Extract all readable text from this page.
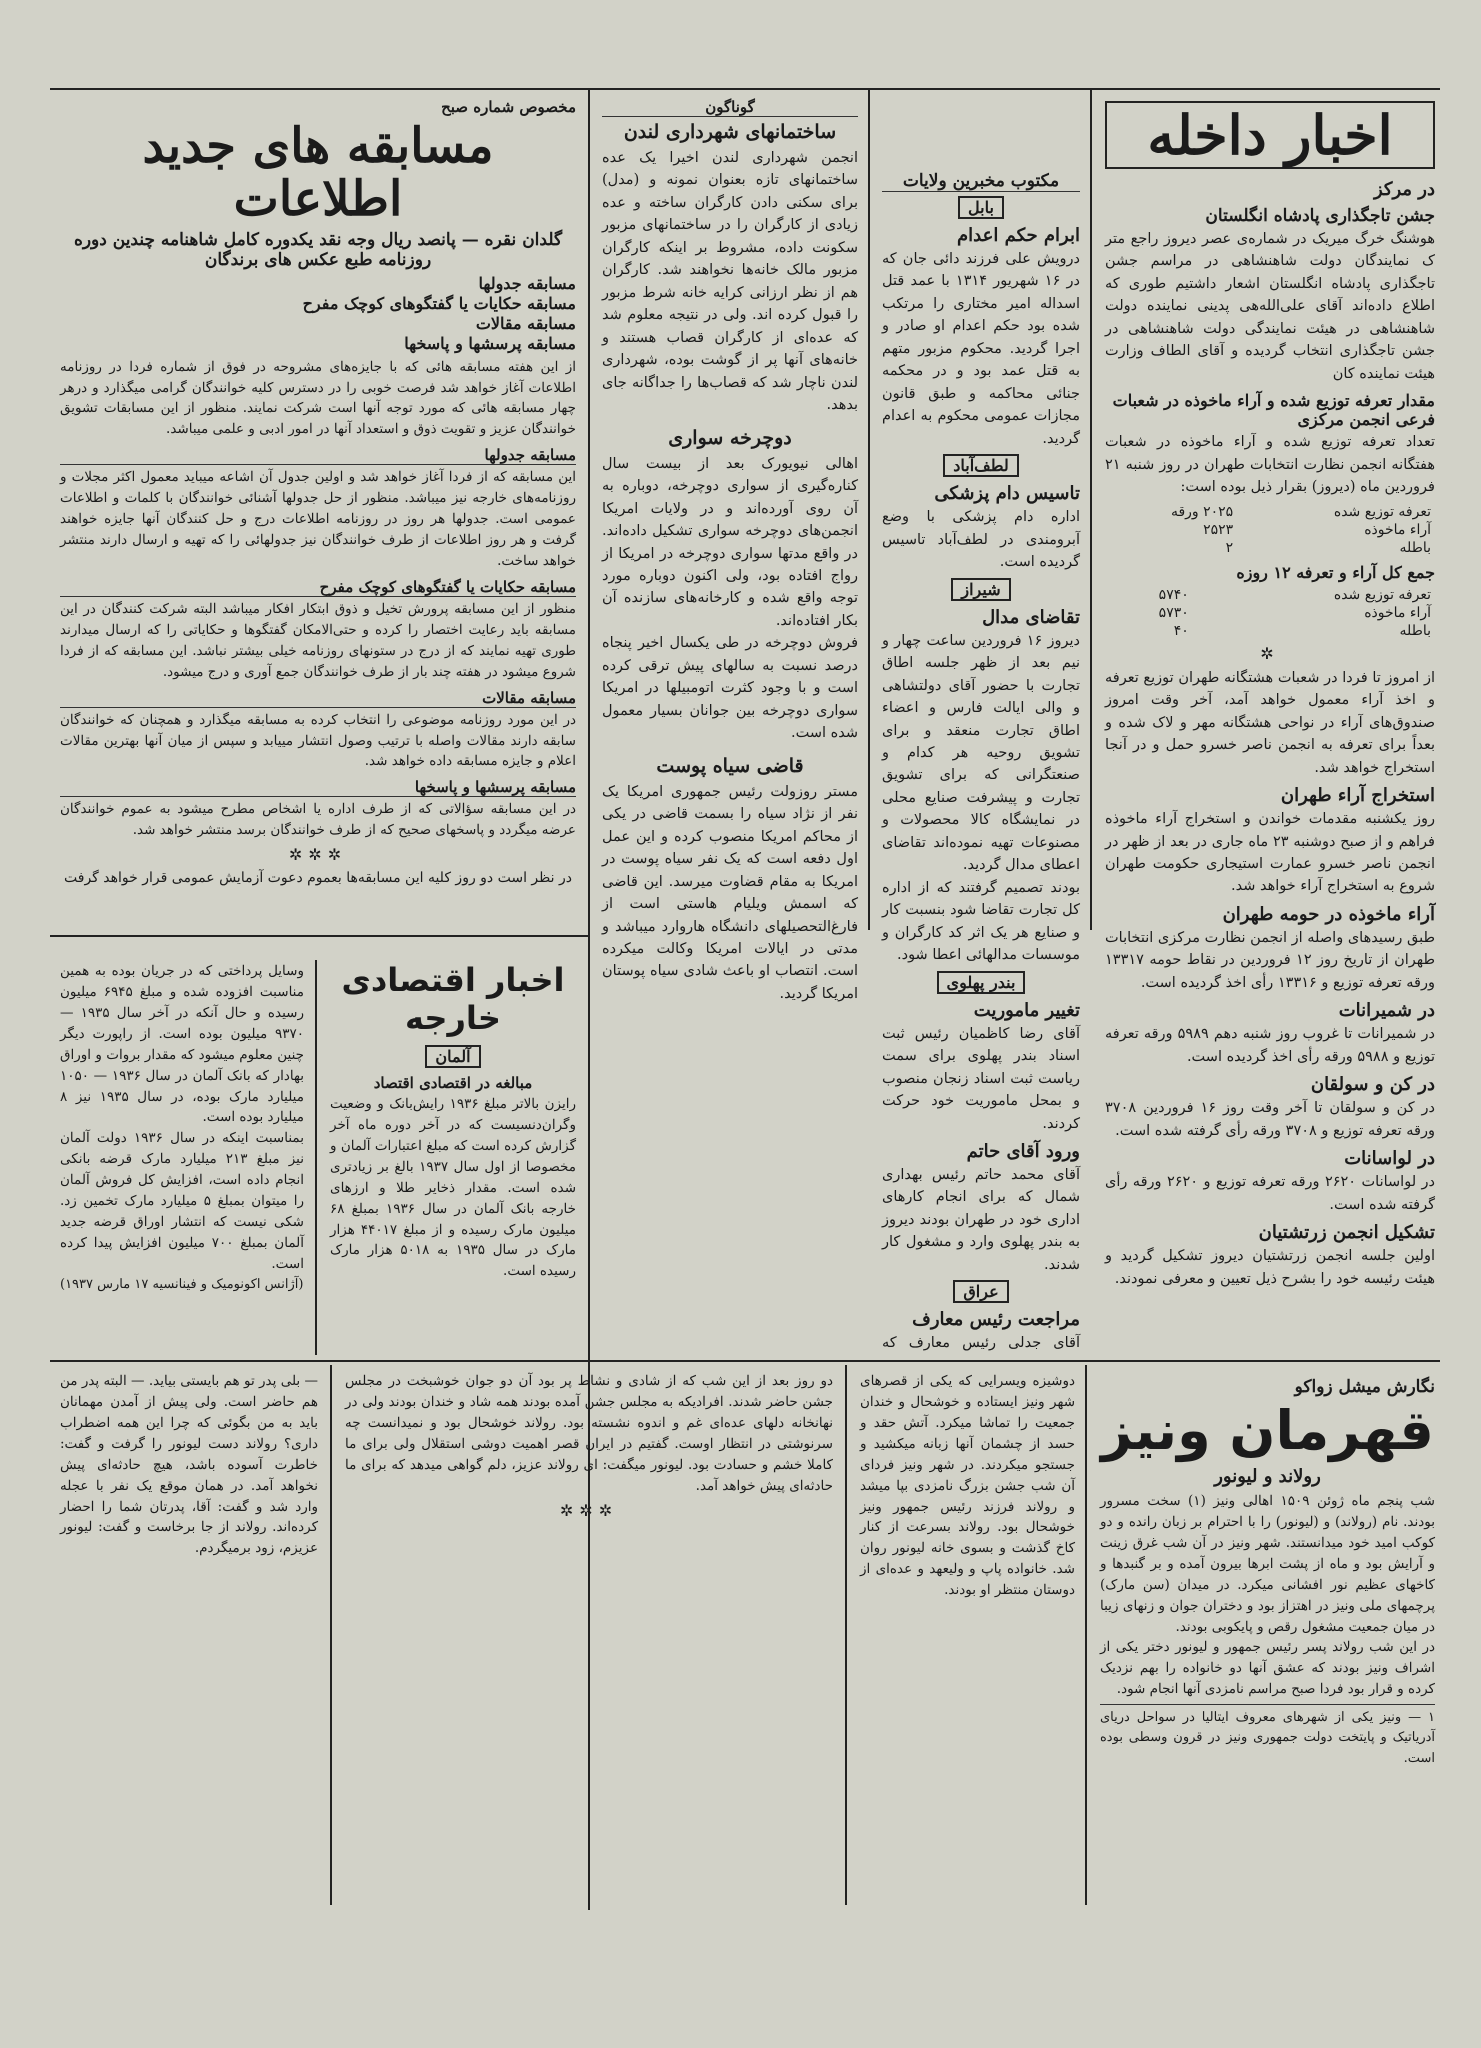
اخبار داخله
در مرکز
جشن تاجگذاری پادشاه انگلستان
هوشنگ خرگ میریک در شماره‌ی عصر دیروز راجع متر ک نمایندگان دولت شاهنشاهی در مراسم جشن تاجگذاری پادشاه انگلستان اشعار داشتیم طوری که اطلاع داده‌اند آقای علی‌الله‌هی پدینی نماینده دولت شاهنشاهی در هیئت نمایندگی دولت شاهنشاهی در جشن تاجگذاری انتخاب گردیده و آقای الطاف وزارت هیئت نماینده کان
مقدار تعرفه توزیع شده و آراء ماخوذه در شعبات فرعی انجمن مرکزی
تعداد تعرفه توزیع شده و آراء ماخوذه در شعبات هفتگانه انجمن نظارت انتخابات طهران در روز شنبه ۲۱ فروردین ماه (دیروز) بقرار ذیل بوده است:
تعرفه توزیع شده	۲۰۲۵ ورقه
آراء ماخوذه	۲۵۲۳
باطله	۲
جمع کل آراء و تعرفه ۱۲ روزه
تعرفه توزیع شده	۵۷۴۰
آراء ماخوذه	۵۷۳۰
باطله	۴۰
✲
از امروز تا فردا در شعبات هشتگانه طهران توزیع تعرفه و اخذ آراء معمول خواهد آمد، آخر وقت امروز صندوق‌های آراء در نواحی هشتگانه مهر و لاک شده و بعداً برای تعرفه به انجمن ناصر خسرو حمل و در آنجا استخراج خواهد شد.
استخراج آراء طهران
روز یکشنبه مقدمات خواندن و استخراج آراء ماخوذه فراهم و از صبح دوشنبه ۲۳ ماه جاری در بعد از ظهر در انجمن ناصر خسرو عمارت استیجاری حکومت طهران شروع به استخراج آراء خواهد شد.
آراء ماخوذه در حومه طهران
طبق رسیدهای واصله از انجمن نظارت مرکزی انتخابات طهران از تاریخ روز ۱۲ فروردین در نقاط حومه ۱۳۳۱۷ ورقه تعرفه توزیع و ۱۳۳۱۶ رأی اخذ گردیده است.
در شمیرانات
در شمیرانات تا غروب روز شنبه دهم ۵۹۸۹ ورقه تعرفه توزیع و ۵۹۸۸ ورقه رأی اخذ گردیده است.
در کن و سولقان
در کن و سولقان تا آخر وقت روز ۱۶ فروردین ۳۷۰۸ ورقه تعرفه توزیع و ۳۷۰۸ ورقه رأی گرفته شده است.
در لواسانات
در لواسانات ۲۶۲۰ ورقه تعرفه توزیع و ۲۶۲۰ ورقه رأی گرفته شده است.
تشکیل انجمن زرتشتیان
اولین جلسه انجمن زرتشتیان دیروز تشکیل گردید و هیئت رئیسه خود را بشرح ذیل تعیین و معرفی نمودند.
مکتوب مخبرین ولایات
بابل
ابرام حکم اعدام
درویش علی فرزند دائی جان که در ۱۶ شهریور ۱۳۱۴ با عمد قتل اسداله امیر مختاری را مرتکب شده بود حکم اعدام او صادر و اجرا گردید. محکوم مزبور متهم به قتل عمد بود و در محکمه جنائی محاکمه و طبق قانون مجازات عمومی محکوم به اعدام گردید.
لطف‌آباد
تاسیس دام پزشکی
اداره دام پزشکی با وضع آبرومندی در لطف‌آباد تاسیس گردیده است.
شیراز
تقاضای مدال
دیروز ۱۶ فروردین ساعت چهار و نیم بعد از ظهر جلسه اطاق تجارت با حضور آقای دولتشاهی و والی ایالت فارس و اعضاء اطاق تجارت منعقد و برای تشویق روحیه هر کدام و صنعتگرانی که برای تشویق تجارت و پیشرفت صنایع محلی در نمایشگاه کالا محصولات و مصنوعات تهیه نموده‌اند تقاضای اعطای مدال گردید.
بودند تصمیم گرفتند که از اداره کل تجارت تقاضا شود بنسبت کار و صنایع هر یک اثر کد کارگران و موسسات مدالهائی اعطا شود.
بندر پهلوی
تغییر ماموریت
آقای رضا کاظمیان رئیس ثبت اسناد بندر پهلوی برای سمت ریاست ثبت اسناد زنجان منصوب و بمحل ماموریت خود حرکت کردند.
ورود آقای حاتم
آقای محمد حاتم رئیس بهداری شمال که برای انجام کارهای اداری خود در طهران بودند دیروز به بندر پهلوی وارد و مشغول کار شدند.
عراق
مراجعت رئیس معارف
آقای جدلی رئیس معارف که
گوناگون
ساختمانهای شهرداری لندن
انجمن شهرداری لندن اخیرا یک عده ساختمانهای تازه بعنوان نمونه و (مدل) برای سکنی دادن کارگران ساخته و عده زیادی از کارگران را در ساختمانهای مزبور سکونت داده، مشروط بر اینکه کارگران مزبور مالک خانه‌ها نخواهند شد. کارگران هم از نظر ارزانی کرایه خانه شرط مزبور را قبول کرده اند. ولی در نتیجه معلوم شد که عده‌ای از کارگران قصاب هستند و خانه‌های آنها پر از گوشت بوده، شهرداری لندن ناچار شد که قصاب‌ها را جداگانه جای بدهد.
دوچرخه سواری
اهالی نیویورک بعد از بیست سال کناره‌گیری از سواری دوچرخه، دوباره به آن روی آورده‌اند و در ولایات امریکا انجمن‌های دوچرخه سواری تشکیل داده‌اند. در واقع مدتها سواری دوچرخه در امریکا از رواج افتاده بود، ولی اکنون دوباره مورد توجه واقع شده و کارخانه‌های سازنده آن بکار افتاده‌اند.
فروش دوچرخه در طی یکسال اخیر پنجاه درصد نسبت به سالهای پیش ترقی کرده است و با وجود کثرت اتومبیلها در امریکا سواری دوچرخه بین جوانان بسیار معمول شده است.
قاضی سیاه پوست
مستر روزولت رئیس جمهوری امریکا یک نفر از نژاد سیاه را بسمت قاضی در یکی از محاکم امریکا منصوب کرده و این عمل اول دفعه است که یک نفر سیاه پوست در امریکا به مقام قضاوت میرسد. این قاضی که اسمش ویلیام هاستی است از فارغ‌التحصیلهای دانشگاه هاروارد میباشد و مدتی در ایالات امریکا وکالت میکرده است. انتصاب او باعث شادی سیاه پوستان امریکا گردید.
مخصوص شماره صبح
مسابقه های جدید اطلاعات
گلدان نقره — پانصد ریال وجه نقد یکدوره کامل شاهنامه چندین دوره روزنامه طبع عکس های برندگان
مسابقه جدولها
مسابقه حکایات یا گفتگوهای کوچک مفرح
مسابقه مقالات
مسابقه پرسشها و پاسخها
از این هفته مسابقه هائی که با جایزه‌های مشروحه در فوق از شماره فردا در روزنامه اطلاعات آغاز خواهد شد فرصت خوبی را در دسترس کلیه خوانندگان گرامی میگذارد و درهر چهار مسابقه هائی که مورد توجه آنها است شرکت نمایند. منظور از این مسابقات تشویق خوانندگان عزیز و تقویت ذوق و استعداد آنها در امور ادبی و علمی میباشد.
مسابقه جدولها
این مسابقه که از فردا آغاز خواهد شد و اولین جدول آن اشاعه میباید معمول اکثر مجلات و روزنامه‌های خارجه نیز میباشد. منظور از حل جدولها آشنائی خوانندگان با کلمات و اطلاعات عمومی است. جدولها هر روز در روزنامه اطلاعات درج و حل کنندگان آنها جایزه خواهند گرفت و هر روز اطلاعات از طرف خوانندگان نیز جدولهائی را که تهیه و ارسال دارند منتشر خواهد ساخت.
مسابقه حکایات یا گفتگوهای کوچک مفرح
منظور از این مسابقه پرورش تخیل و ذوق ابتکار افکار میباشد البته شرکت کنندگان در این مسابقه باید رعایت اختصار را کرده و حتی‌الامکان گفتگوها و حکایاتی را که ارسال میدارند طوری تهیه نمایند که از درج در ستونهای روزنامه خیلی بیشتر نباشد. این مسابقه که از فردا شروع میشود در هفته چند بار از طرف خوانندگان جمع آوری و درج میشود.
مسابقه مقالات
در این مورد روزنامه موضوعی را انتخاب کرده به مسابقه میگذارد و همچنان که خوانندگان سابقه دارند مقالات واصله با ترتیب وصول انتشار مییابد و سپس از میان آنها بهترین مقالات اعلام و جایزه مسابقه داده خواهد شد.
مسابقه پرسشها و پاسخها
در این مسابقه سؤالاتی که از طرف اداره یا اشخاص مطرح میشود به عموم خوانندگان عرضه میگردد و پاسخهای صحیح که از طرف خوانندگان برسد منتشر خواهد شد.
✲✲✲
در نظر است دو روز کلیه این مسابقه‌ها بعموم دعوت آزمایش عمومی قرار خواهد گرفت
اخبار اقتصادی خارجه
آلمان
مبالغه در اقتصادی اقتصاد
رایزن بالاتر مبلغ ۱۹۳۶ رایش‌بانک و وضعیت وگران‌دنسیست که در آخر دوره ماه آخر گزارش کرده است که مبلغ اعتبارات آلمان و مخصوصا از اول سال ۱۹۳۷ بالغ بر زیادتری شده است. مقدار ذخایر طلا و ارزهای خارجه بانک آلمان در سال ۱۹۳۶ بمبلغ ۶۸ میلیون مارک رسیده و از مبلغ ۴۴۰۱۷ هزار مارک در سال ۱۹۳۵ به ۵۰۱۸ هزار مارک رسیده است.
وسایل پرداختی که در جریان بوده به همین مناسبت افزوده شده و مبلغ ۶۹۴۵ میلیون رسیده و حال آنکه در آخر سال ۱۹۳۵ — ۹۳۷۰ میلیون بوده است. از راپورت دیگر چنین معلوم میشود که مقدار بروات و اوراق بهادار که بانک آلمان در سال ۱۹۳۶ — ۱۰۵۰ میلیارد مارک بوده، در سال ۱۹۳۵ نیز ۸ میلیارد بوده است.
بمناسبت اینکه در سال ۱۹۳۶ دولت آلمان نیز مبلغ ۲۱۳ میلیارد مارک قرضه بانکی انجام داده است، افزایش کل فروش آلمان را میتوان بمبلغ ۵ میلیارد مارک تخمین زد. شکی نیست که انتشار اوراق قرضه جدید آلمان بمبلغ ۷۰۰ میلیون افزایش پیدا کرده است.
(آژانس اکونومیک و فینانسیه ۱۷ مارس ۱۹۳۷)
نگارش میشل زواکو
قهرمان ونیز
رولاند و لیونور
شب پنجم ماه ژوئن ۱۵۰۹ اهالی ونیز (۱) سخت مسرور بودند. نام (رولاند) و (لیونور) را با احترام بر زبان رانده و دو کوکب امید خود میدانستند. شهر ونیز در آن شب غرق زینت و آرایش بود و ماه از پشت ابرها بیرون آمده و بر گنبدها و کاخهای عظیم نور افشانی میکرد. در میدان (سن مارک) پرچمهای ملی ونیز در اهتزاز بود و دختران جوان و زنهای زیبا در میان جمعیت مشغول رقص و پایکوبی بودند.
در این شب رولاند پسر رئیس جمهور و لیونور دختر یکی از اشراف ونیز بودند که عشق آنها دو خانواده را بهم نزدیک کرده و قرار بود فردا صبح مراسم نامزدی آنها انجام شود.
۱ — ونیز یکی از شهرهای معروف ایتالیا در سواحل دریای آدریاتیک و پایتخت دولت جمهوری ونیز در قرون وسطی بوده است.
دوشیزه ویسرایی که یکی از قصرهای شهر ونیز ایستاده و خوشحال و خندان جمعیت را تماشا میکرد. آتش حقد و حسد از چشمان آنها زبانه میکشید و جستجو میکردند. در شهر ونیز فردای آن شب جشن بزرگ نامزدی بپا میشد و رولاند فرزند رئیس جمهور ونیز خوشحال بود. رولاند بسرعت از کنار کاخ گذشت و بسوی خانه لیونور روان شد. خانواده پاپ و ولیعهد و عده‌ای از دوستان منتظر او بودند.
دو روز بعد از این شب که از شادی و نشاط پر بود آن دو جوان خوشبخت در مجلس جشن حاضر شدند. افرادیکه به مجلس جشن آمده بودند همه شاد و خندان بودند ولی در نهانخانه دلهای عده‌ای غم و اندوه نشسته بود. رولاند خوشحال بود و نمیدانست چه سرنوشتی در انتظار اوست. گفتیم در ایران قصر اهمیت دوشی استقلال ولی برای ما کاملا خشم و حسادت بود. لیونور میگفت: ای رولاند عزیز، دلم گواهی میدهد که برای ما حادثه‌ای پیش خواهد آمد.
✲✲✲
— بلی پدر تو هم بایستی بیاید. — البته پدر من هم حاضر است. ولی پیش از آمدن مهمانان باید به من بگوئی که چرا این همه اضطراب داری؟ رولاند دست لیونور را گرفت و گفت: خاطرت آسوده باشد، هیچ حادثه‌ای پیش نخواهد آمد. در همان موقع یک نفر با عجله وارد شد و گفت: آقا، پدرتان شما را احضار کرده‌اند. رولاند از جا برخاست و گفت: لیونور عزیزم، زود برمیگردم.
